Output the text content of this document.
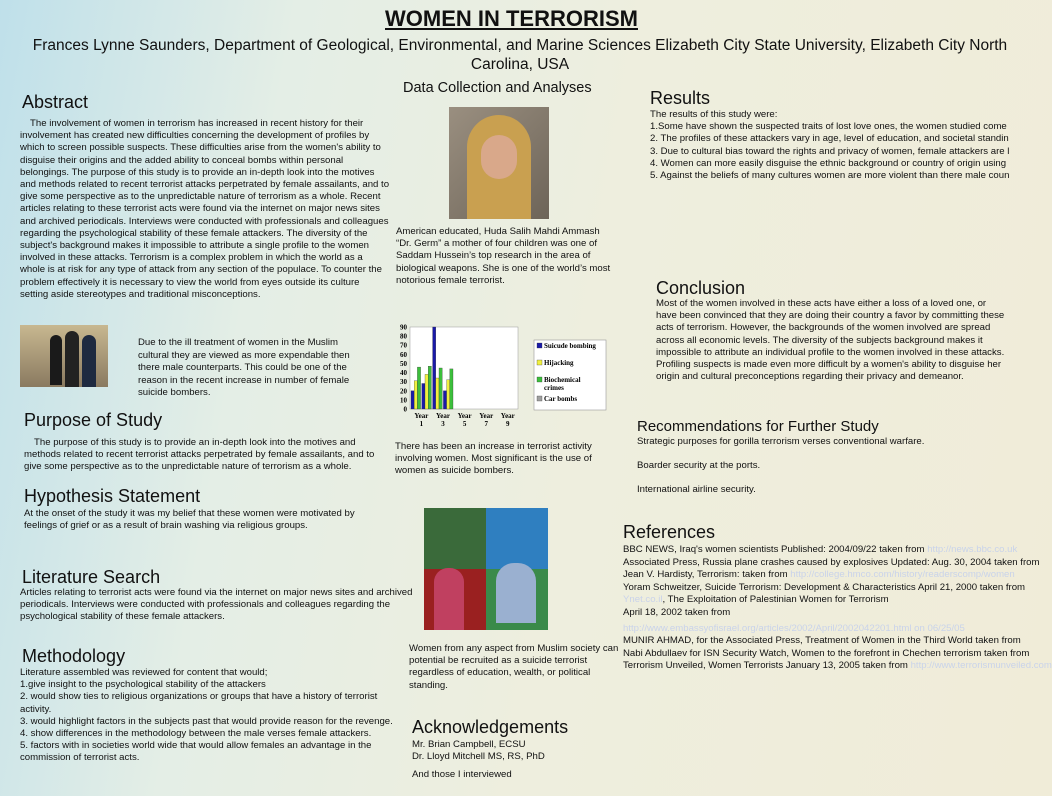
WOMEN IN TERRORISM
Frances Lynne Saunders, Department of Geological, Environmental, and Marine Sciences Elizabeth City State University, Elizabeth City North Carolina, USA
Abstract
The involvement of women in terrorism has increased in recent history for their involvement has created new difficulties concerning the development of profiles by which to screen possible suspects. These difficulties arise from the women's ability to disguise their origins and the added ability to conceal bombs within personal belongings. The purpose of this study is to provide an in-depth look into the motives and methods related to recent terrorist attacks perpetrated by female assailants, and to give some perspective as to the unpredictable nature of terrorism as a whole. Recent articles relating to these terrorist acts were found via the internet on major news sites and archived periodicals. Interviews were conducted with professionals and colleagues regarding the psychological stability of these female attackers. The diversity of the subject's background makes it impossible to attribute a single profile to the women involved in these attacks. Terrorism is a complex problem in which the world as a whole is at risk for any type of attack from any section of the populace. To counter the problem effectively it is necessary to view the world from eyes outside its culture setting aside stereotypes and traditional misconceptions.
Due to the ill treatment of women in the Muslim cultural they are viewed as more expendable then there male counterparts. This could be one of the reason in the recent increase in number of female suicide bombers.
Purpose of Study
The purpose of this study is to provide an in-depth look into the motives and methods related to recent terrorist attacks perpetrated by female assailants, and to give some perspective as to the unpredictable nature of terrorism as a whole.
Hypothesis Statement
At the onset of the study it was my belief that these women were motivated by feelings of grief or as a result of brain washing via religious groups.
Literature Search
Articles relating to terrorist acts were found via the internet on major news sites and archived periodicals. Interviews were conducted with professionals and colleagues regarding the psychological stability of these female attackers.
Methodology
Literature assembled was reviewed for content that would;
1.give insight to the psychological stability of the attackers
2. would show ties to religious organizations or groups that have a history of terrorist activity.
3. would highlight factors in the subjects past that would provide reason for the revenge.
4. show differences in the methodology between the male verses female attackers.
5. factors with in societies world wide that would allow females an advantage in the commission of terrorist acts.
Data Collection and Analyses
American educated, Huda Salih Mahdi Ammash “Dr. Germ” a mother of four children was one of Saddam Hussein’s top research in the area of biological weapons. She is one of the world’s most notorious female terrorist.
0
10
20
30
40
50
60
70
80
90
Year 1
Year 3
Year 5
Year 7
Year 9
Suicude bombing
Hijacking
Biochemical
crimes
Car bombs
There has been an increase in terrorist activity involving women. Most significant is the use of women as suicide bombers.
Women from any aspect from Muslim society can potential be recruited as a suicide terrorist regardless of education, wealth, or political standing.
Acknowledgements
Mr. Brian Campbell, ECSU
Dr. Lloyd Mitchell MS, RS, PhD
And those I interviewed
Results
The results of this study were:
1.Some have shown the suspected traits of lost love ones, the women studied come
2. The profiles of these attackers vary in age, level of education, and societal standin
3. Due to cultural bias toward the rights and privacy of women, female attackers are l
4. Women can more easily disguise the ethnic background or country of origin using
5. Against the beliefs of many cultures women are more violent than there male coun
Conclusion
Most of the women involved in these acts have either a loss of a loved one, or have been convinced that they are doing their country a favor by committing these acts of terrorism. However, the backgrounds of the women involved are spread across all economic levels. The diversity of the subjects background makes it impossible to attribute an individual profile to the women involved in these attacks. Profiling suspects is made even more difficult by a women's ability to disguise her origin and cultural preconceptions regarding their privacy and demeanor.
Recommendations for Further Study
Strategic purposes for gorilla terrorism verses conventional warfare.
Boarder security at the ports.
International airline security.
References
BBC NEWS, Iraq's women scientists Published: 2004/09/22 taken from http://news.bbc.co.uk
Associated Press, Russia plane crashes caused by explosives Updated: Aug. 30, 2004 taken from
Jean V. Hardisty, Terrorism: taken from http://college.hmco.com/history/readerscomp/women
Yoram Schweitzer, Suicide Terrorism: Development & Characteristics April 21, 2000 taken from
Ynet.co.il, The Exploitation of Palestinian Women for Terrorism
April 18, 2002 taken from
http://www.embassyofisrael.org/articles/2002/April/2002042201.html on 06/25/05
MUNIR AHMAD, for the Associated Press, Treatment of Women in the Third World taken from
Nabi Abdullaev for ISN Security Watch, Women to the forefront in Chechen terrorism taken from
Terrorism Unveiled, Women Terrorists January 13, 2005 taken from http://www.terrorismunveiled.com
